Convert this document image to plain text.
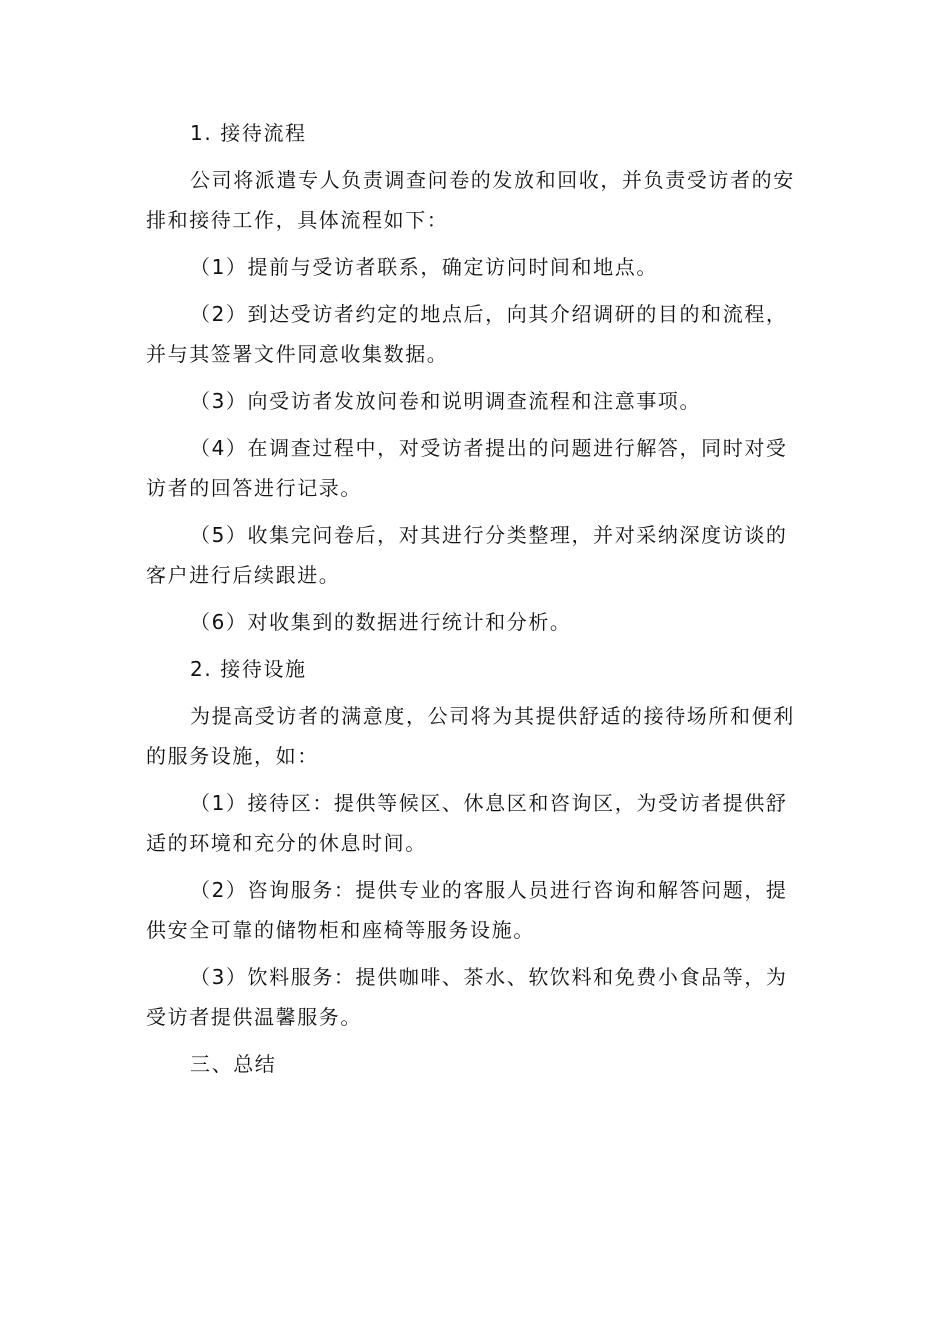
1. 接待流程

公司将派遣专人负责调查问卷的发放和回收，并负责受访者的安排和接待工作，具体流程如下：

（1）提前与受访者联系，确定访问时间和地点。

（2）到达受访者约定的地点后，向其介绍调研的目的和流程，并与其签署文件同意收集数据。

（3）向受访者发放问卷和说明调查流程和注意事项。

（4）在调查过程中，对受访者提出的问题进行解答，同时对受访者的回答进行记录。

（5）收集完问卷后，对其进行分类整理，并对采纳深度访谈的客户进行后续跟进。

（6）对收集到的数据进行统计和分析。

2. 接待设施

为提高受访者的满意度，公司将为其提供舒适的接待场所和便利的服务设施，如：

（1）接待区：提供等候区、休息区和咨询区，为受访者提供舒适的环境和充分的休息时间。

（2）咨询服务：提供专业的客服人员进行咨询和解答问题，提供安全可靠的储物柜和座椅等服务设施。

（3）饮料服务：提供咖啡、茶水、软饮料和免费小食品等，为受访者提供温馨服务。

三、总结
